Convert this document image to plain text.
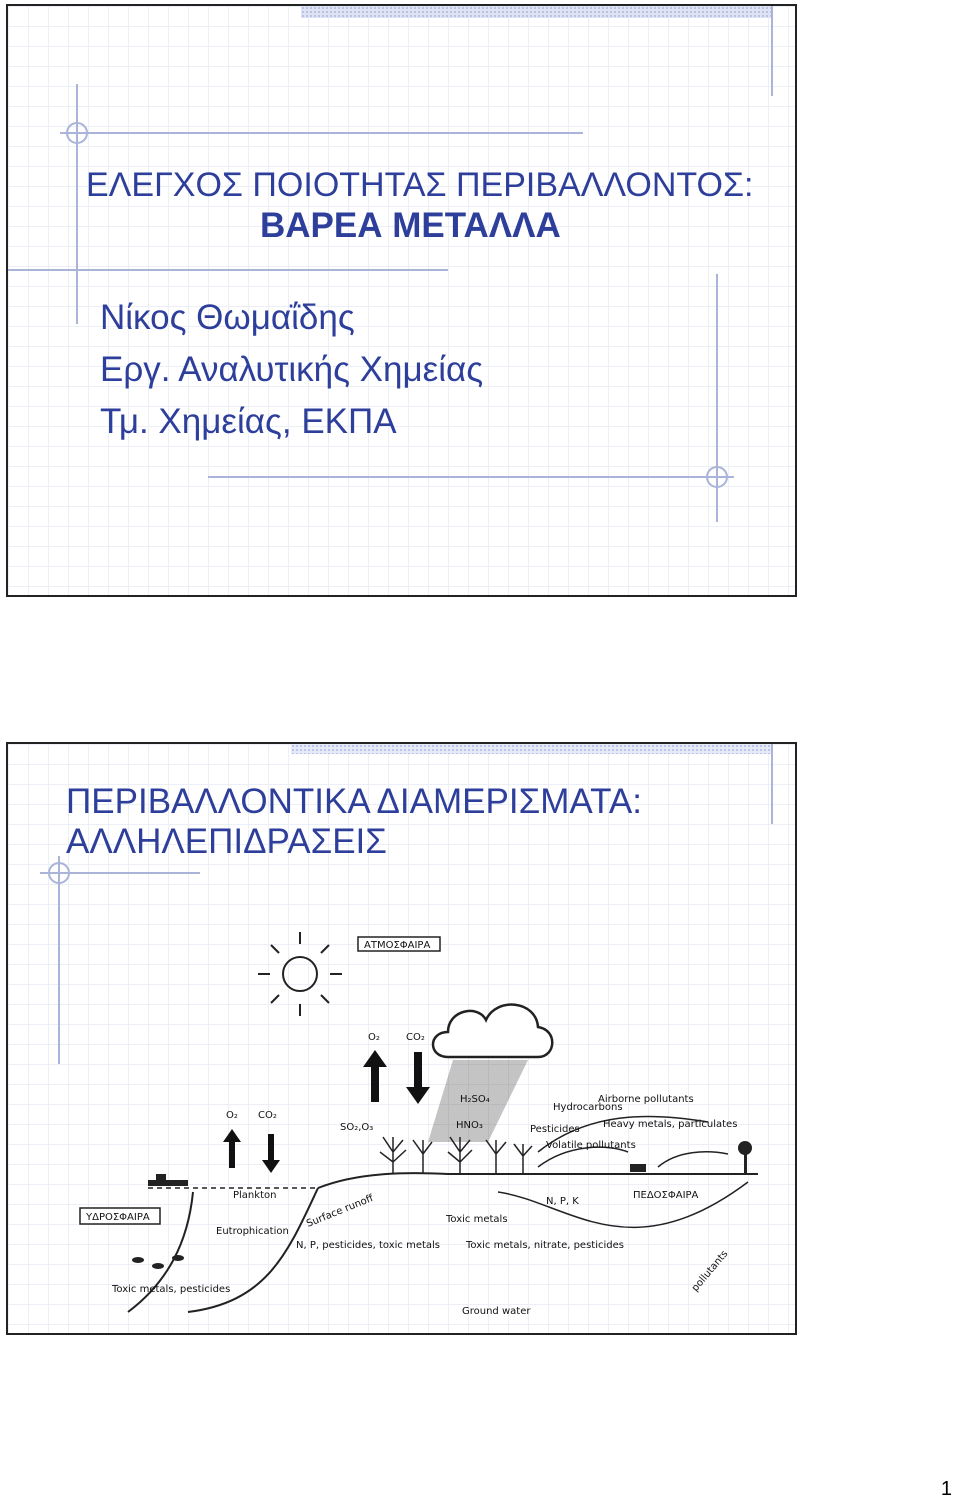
ΕΛΕΓΧΟΣ ΠΟΙΟΤΗΤΑΣ ΠΕΡΙΒΑΛΛΟΝΤΟΣ:
ΒΑΡΕΑ ΜΕΤΑΛΛΑ
Νίκος Θωμαΐδης
Εργ. Αναλυτικής Χημείας
Τμ. Χημείας, ΕΚΠΑ
ΠΕΡΙΒΑΛΛΟΝΤΙΚΑ ΔΙΑΜΕΡΙΣΜΑΤΑ:
ΑΛΛΗΛΕΠΙΔΡΑΣΕΙΣ
ΑΤΜΟΣΦΑΙΡΑ
H₂SO₄
HNO₃
O₂	CO₂
O₂ CO₂
SO₂,O₃
Hydrocarbons
Airborne pollutants
Pesticides Heavy metals, particulates
Volatile pollutants
ΥΔΡΟΣΦΑΙΡΑ
ΠΕΔΟΣΦΑΙΡΑ
Plankton
Eutrophication
Toxic metals, pesticides
Surface runoff
N, P, pesticides, toxic metals
Toxic metals
N, P, K
Toxic metals, nitrate, pesticides
Ground water
pollutants
1
